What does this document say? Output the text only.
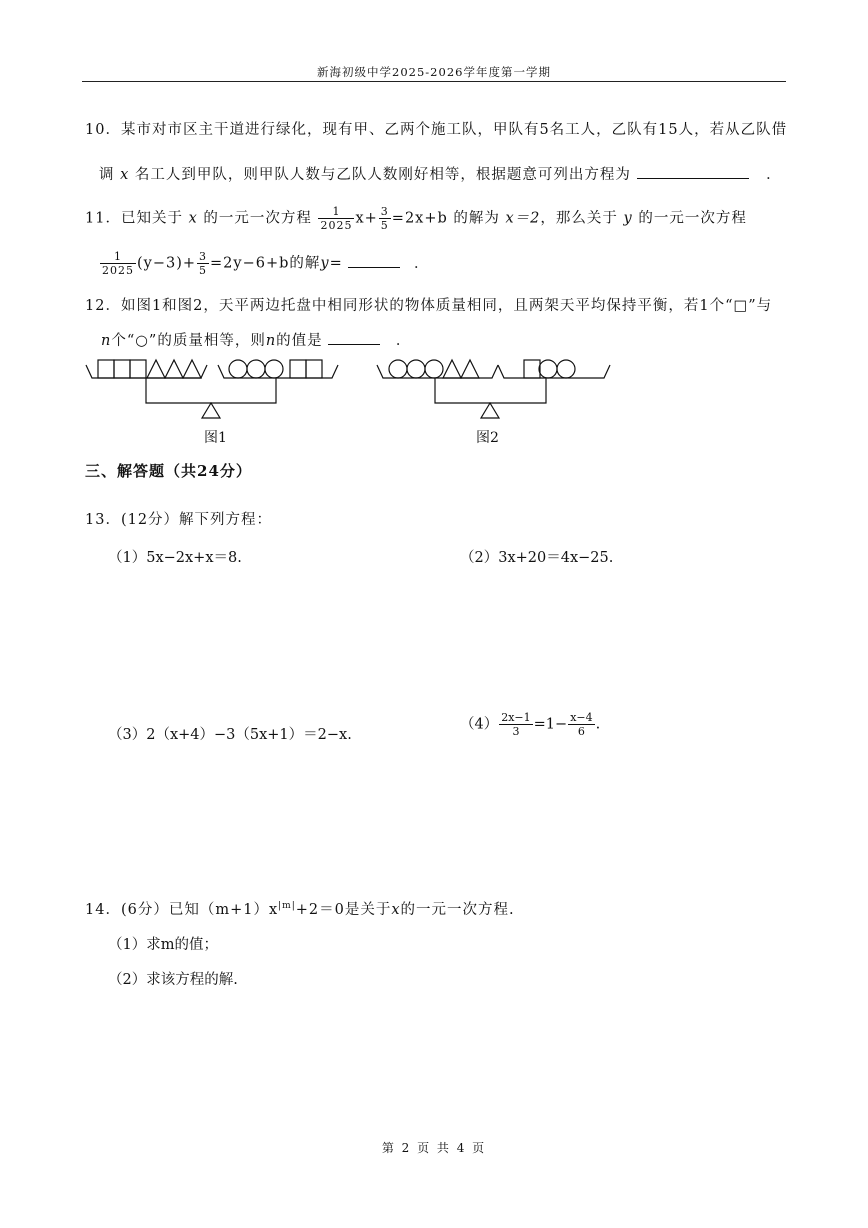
新海初级中学2025-2026学年度第一学期
10．某市对市区主干道进行绿化，现有甲、乙两个施工队，甲队有5名工人，乙队有15人，若从乙队借
调 x 名工人到甲队，则甲队人数与乙队人数刚好相等，根据题意可列出方程为	．
11．已知关于 x 的一元一次方程 $\frac{1}{2025} x+ \frac{3}{5} =2x+b$ 的解为 x＝2，那么关于 y 的一元一次方程
$\frac{1}{2025} (y-3)+ \frac{3}{5} =2y-6+b$的解y=	．
12．如图1和图2，天平两边托盘中相同形状的物体质量相同，且两架天平均保持平衡，若1个“□”与
n个“○”的质量相等，则n的值是	．
图1	图2
三、解答题（共24分）
13．(12分）解下列方程：
（1）5x−2x+x＝8.	（2）3x+20＝4x−25.
（3）2（x+4）−3（5x+1）＝2−x.
$(4) \frac{2x-1}{3} =1- \frac{x-4}{6}$ .
14．(6分）已知$(m+1)x^{|m|}+2=0$是关于x的一元一次方程.
（1）求m的值；
（2）求该方程的解.
第 2 页 共 4 页
